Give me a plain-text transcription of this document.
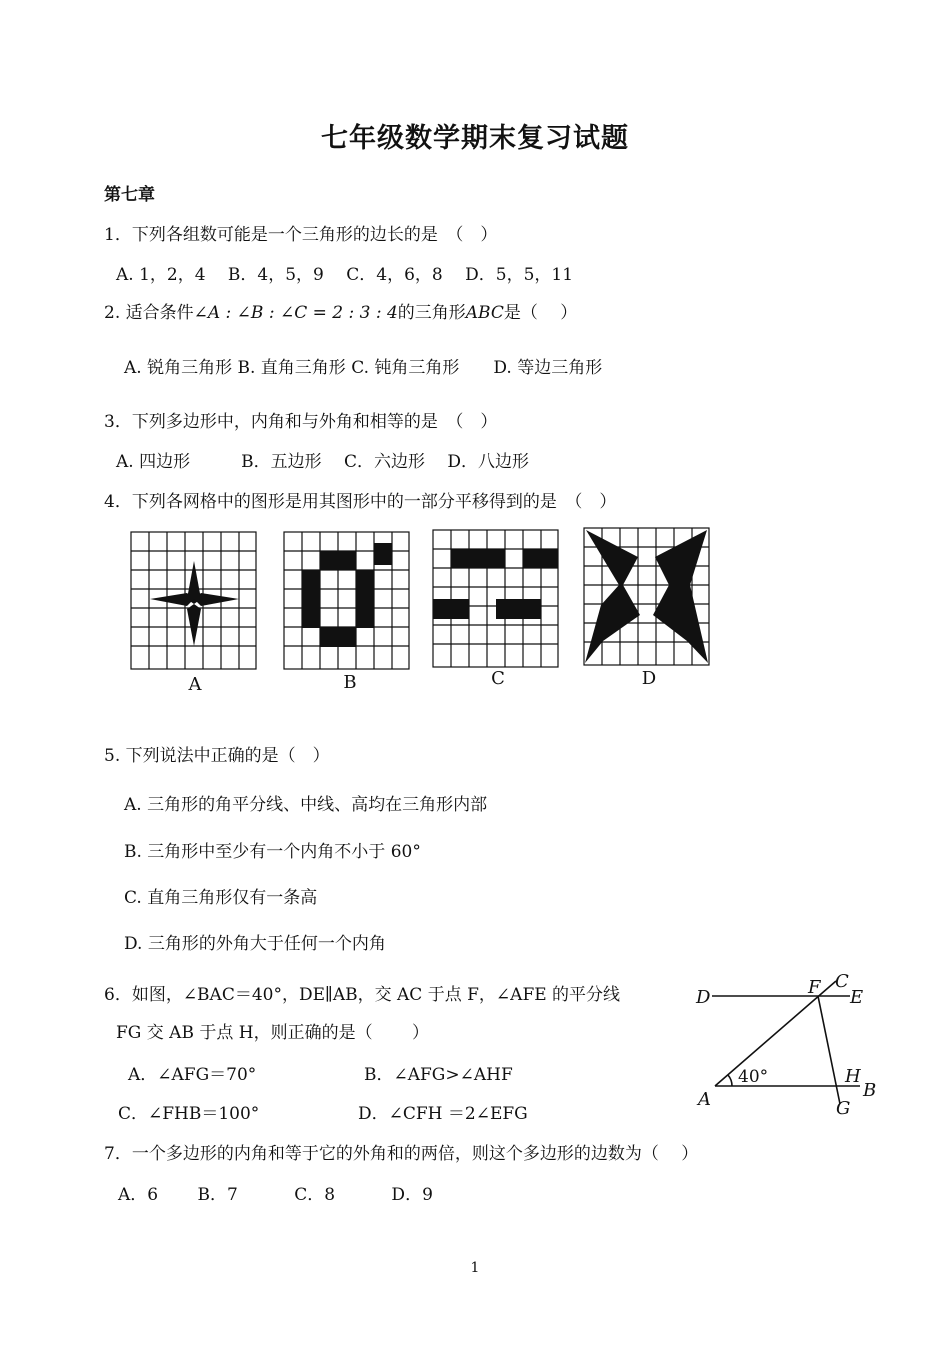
七年级数学期末复习试题
第七章
1．下列各组数可能是一个三角形的边长的是　（　）
A. 1，2，4　 B．4，5，9　 C．4，6，8　 D．5，5，11
2. 适合条件∠A : ∠B : ∠C = 2 : 3 : 4的三角形ABC是（　 ）
A. 锐角三角形 B. 直角三角形 C. 钝角三角形　　D. 等边三角形
3．下列多边形中，内角和与外角和相等的是　（　）
A. 四边形　　　B．五边形　 C．六边形　 D．八边形
4．下列各网格中的图形是用其图形中的一部分平移得到的是　（　）
A	B	C	D
5. 下列说法中正确的是（　）
A. 三角形的角平分线、中线、高均在三角形内部
B. 三角形中至少有一个内角不小于 60°
C. 直角三角形仅有一条高
D. 三角形的外角大于任何一个内角
6．如图，∠BAC＝40°，DE∥AB，交 AC 于点 F，∠AFE 的平分线
FG 交 AB 于点 H，则正确的是（　　 ）
A．∠AFG＝70°	B．∠AFG>∠AHF
C．∠FHB＝100°	D．∠CFH ＝2∠EFG
D	F C
E
A
H
B
G
40°
7．一个多边形的内角和等于它的外角和的两倍，则这个多边形的边数为（　 ）
A．6　　 B．7　　　 C．8　　　 D．9
1
